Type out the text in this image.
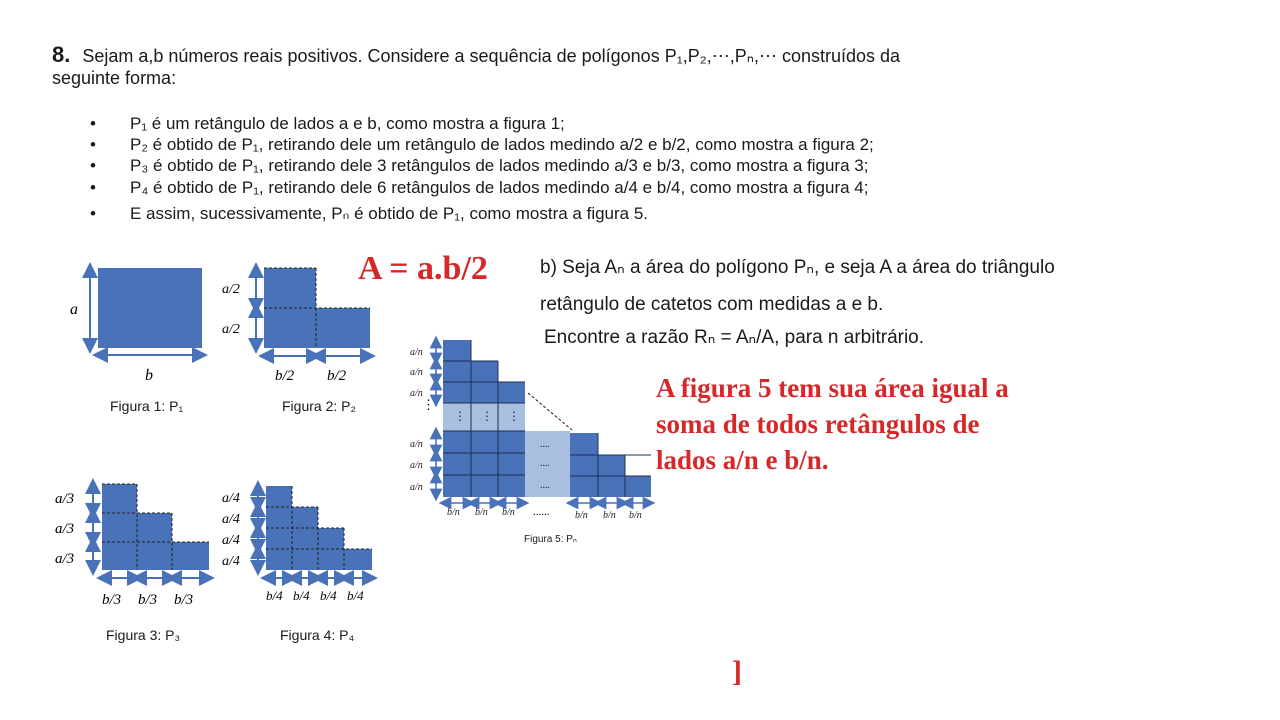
8. Sejam a,b números reais positivos. Considere a sequência de polígonos P₁,P₂,⋯,Pₙ,⋯ construídos da
seguinte forma:
• P₁ é um retângulo de lados a e b, como mostra a figura 1;
• P₂ é obtido de P₁, retirando dele um retângulo de lados medindo a/2 e b/2, como mostra a figura 2;
• P₃ é obtido de P₁, retirando dele 3 retângulos de lados medindo a/3 e b/3, como mostra a figura 3;
• P₄ é obtido de P₁, retirando dele 6 retângulos de lados medindo a/4 e b/4, como mostra a figura 4;
• E assim, sucessivamente, Pₙ é obtido de P₁, como mostra a figura 5.
A = a.b/2	b) Seja Aₙ a área do polígono Pₙ, e seja A a área do triângulo
retângulo de catetos com medidas a e b.
Encontre a razão Rₙ = Aₙ/A, para n arbitrário.
A figura 5 tem sua área igual a
soma de todos retângulos de
lados a/n e b/n.
]
a
b
a/2
a/2
b/2 b/2
a/3
a/3
a/3
b/3 b/3 b/3
a/4
a/4
a/4
a/4
b/4 b/4 b/4 b/4
⋮ ⋮ ⋮
....
....
....
⋮
a/n
a/n
a/n
a/n
a/n
a/n
b/n b/n b/n	b/n b/n b/n
......
Figura 1: P₁	Figura 2: P₂
Figura 3: P₃	Figura 4: P₄
Figura 5: Pₙ
